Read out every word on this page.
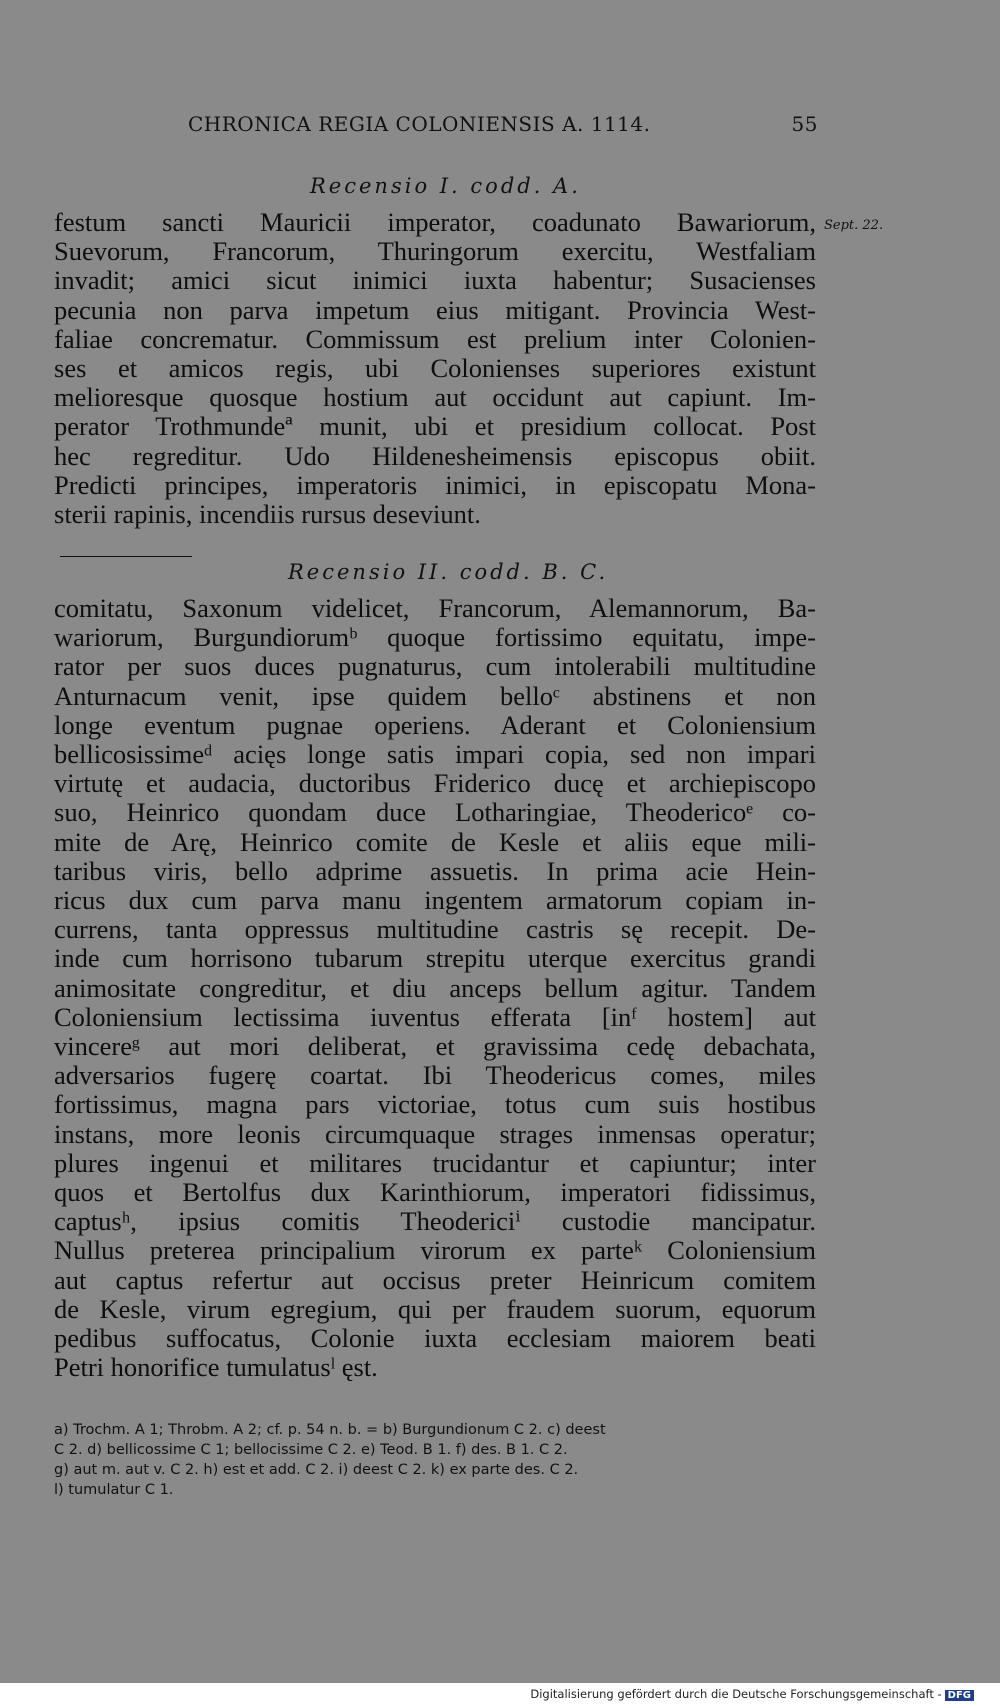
CHRONICA REGIA COLONIENSIS A. 1114.	55
Recensio I. codd. A.
Sept. 22.
festum sancti Mauricii imperator, coadunato Bawariorum,
Suevorum, Francorum, Thuringorum exercitu, Westfaliam
invadit; amici sicut inimici iuxta habentur; Susacienses
pecunia non parva impetum eius mitigant. Provincia West-
faliae concrematur. Commissum est prelium inter Colonien-
ses et amicos regis, ubi Colonienses superiores existunt
melioresque quosque hostium aut occidunt aut capiunt. Im-
perator Trothmundeª munit, ubi et presidium collocat. Post
hec regreditur. Udo Hildenesheimensis episcopus obiit.
Predicti principes, imperatoris inimici, in episcopatu Mona-
sterii rapinis, incendiis rursus deseviunt.
Recensio II. codd. B. C.
comitatu, Saxonum videlicet, Francorum, Alemannorum, Ba-
wariorum, Burgundiorumᵇ quoque fortissimo equitatu, impe-
rator per suos duces pugnaturus, cum intolerabili multitudine
Anturnacum venit, ipse quidem belloᶜ abstinens et non
longe eventum pugnae operiens. Aderant et Coloniensium
bellicosissimeᵈ acięs longe satis impari copia, sed non impari
virtutę et audacia, ductoribus Friderico ducę et archiepiscopo
suo, Heinrico quondam duce Lotharingiae, Theodericoᵉ co-
mite de Arę, Heinrico comite de Kesle et aliis eque mili-
taribus viris, bello adprime assuetis. In prima acie Hein-
ricus dux cum parva manu ingentem armatorum copiam in-
currens, tanta oppressus multitudine castris sę recepit. De-
inde cum horrisono tubarum strepitu uterque exercitus grandi
animositate congreditur, et diu anceps bellum agitur. Tandem
Coloniensium lectissima iuventus efferata [inᶠ hostem] aut
vincereᵍ aut mori deliberat, et gravissima cedę debachata,
adversarios fugerę coartat. Ibi Theodericus comes, miles
fortissimus, magna pars victoriae, totus cum suis hostibus
instans, more leonis circumquaque strages inmensas operatur;
plures ingenui et militares trucidantur et capiuntur; inter
quos et Bertolfus dux Karinthiorum, imperatori fidissimus,
captusʰ, ipsius comitis Theodericiⁱ custodie mancipatur.
Nullus preterea principalium virorum ex parteᵏ Coloniensium
aut captus refertur aut occisus preter Heinricum comitem
de Kesle, virum egregium, qui per fraudem suorum, equorum
pedibus suffocatus, Colonie iuxta ecclesiam maiorem beati
Petri honorifice tumulatusˡ ęst.
a) Trochm. A 1; Throbm. A 2; cf. p. 54 n. b. = b) Burgundionum C 2. c) deest
C 2. d) bellicossime C 1; bellocissime C 2. e) Teod. B 1. f) des. B 1. C 2.
g) aut m. aut v. C 2. h) est et add. C 2. i) deest C 2. k) ex parte des. C 2.
l) tumulatur C 1.
Digitalisierung gefördert durch die Deutsche Forschungsgemeinschaft - DFG
